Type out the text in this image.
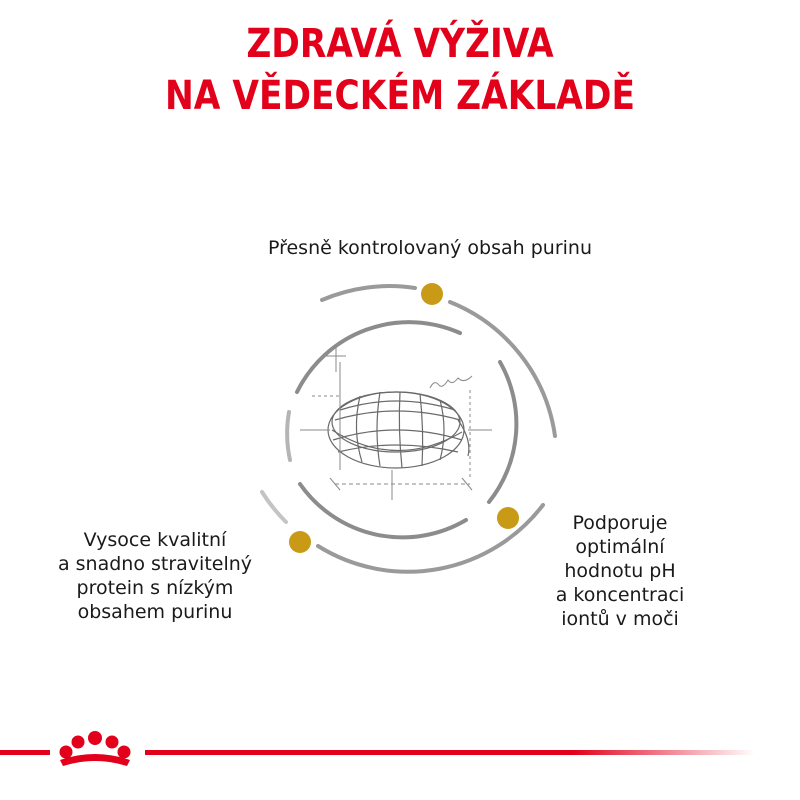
ZDRAVÁ VÝŽIVA
NA VĚDECKÉM ZÁKLADĚ
Přesně kontrolovaný obsah purinu
Vysoce kvalitní
a snadno stravitelný
protein s nízkým
obsahem purinu
Podporuje
optimální
hodnotu pH
a koncentraci
iontů v moči
